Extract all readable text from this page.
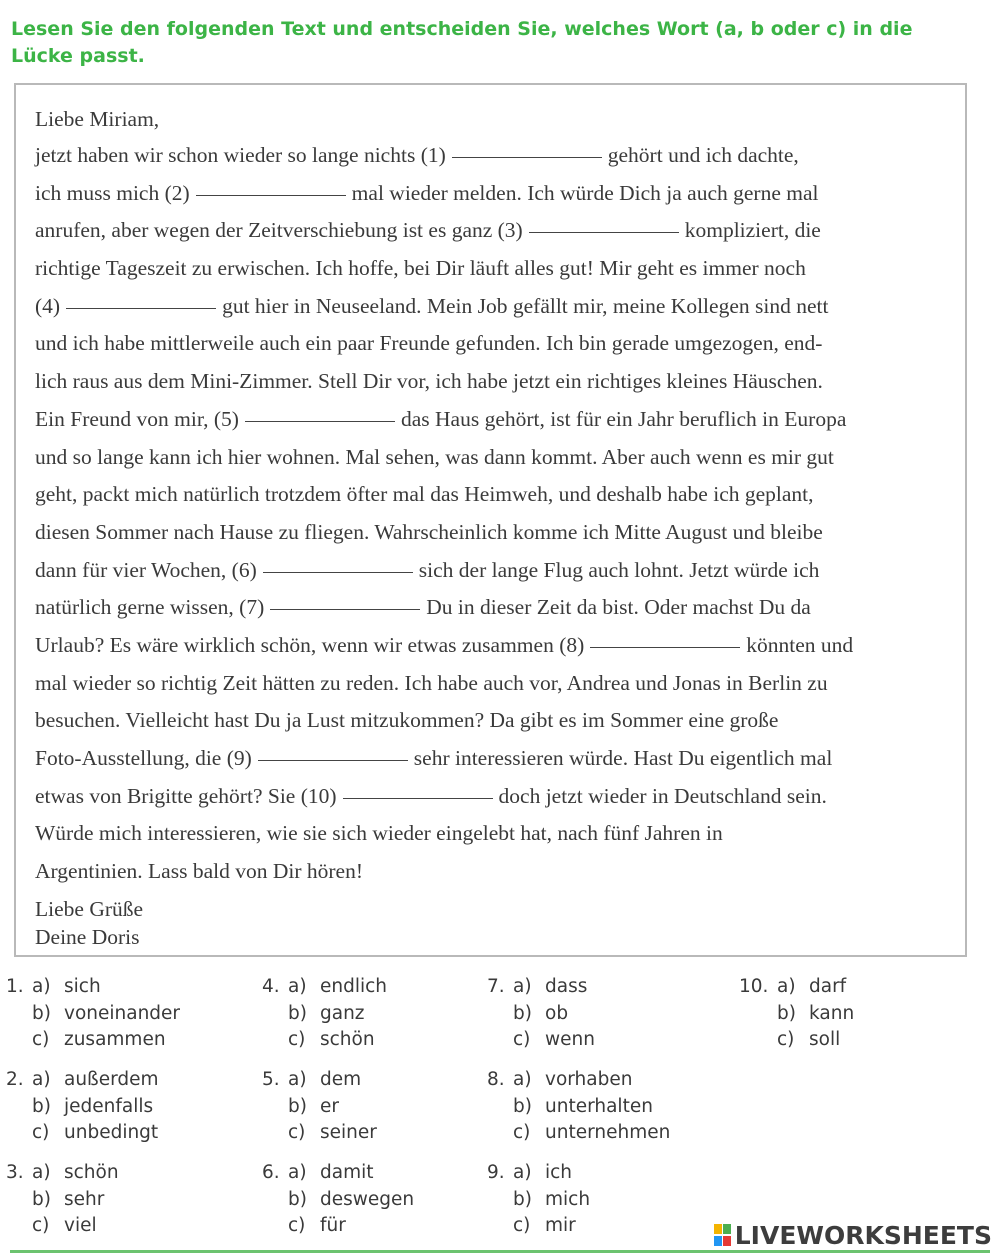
Lesen Sie den folgenden Text und entscheiden Sie, welches Wort (a, b oder c) in die Lücke passt.
Liebe Miriam,
jetzt haben wir schon wieder so lange nichts (1)	gehört und ich dachte,
ich muss mich (2)	mal wieder melden. Ich würde Dich ja auch gerne mal
anrufen, aber wegen der Zeitverschiebung ist es ganz (3)	kompliziert, die
richtige Tageszeit zu erwischen. Ich hoffe, bei Dir läuft alles gut! Mir geht es immer noch
(4)	gut hier in Neuseeland. Mein Job gefällt mir, meine Kollegen sind nett
und ich habe mittlerweile auch ein paar Freunde gefunden. Ich bin gerade umgezogen, end-
lich raus aus dem Mini-Zimmer. Stell Dir vor, ich habe jetzt ein richtiges kleines Häuschen.
Ein Freund von mir, (5)	das Haus gehört, ist für ein Jahr beruflich in Europa
und so lange kann ich hier wohnen. Mal sehen, was dann kommt. Aber auch wenn es mir gut
geht, packt mich natürlich trotzdem öfter mal das Heimweh, und deshalb habe ich geplant,
diesen Sommer nach Hause zu fliegen. Wahrscheinlich komme ich Mitte August und bleibe
dann für vier Wochen, (6)	sich der lange Flug auch lohnt. Jetzt würde ich
natürlich gerne wissen, (7)	Du in dieser Zeit da bist. Oder machst Du da
Urlaub? Es wäre wirklich schön, wenn wir etwas zusammen (8)	könnten und
mal wieder so richtig Zeit hätten zu reden. Ich habe auch vor, Andrea und Jonas in Berlin zu
besuchen. Vielleicht hast Du ja Lust mitzukommen? Da gibt es im Sommer eine große
Foto-Ausstellung, die (9)	sehr interessieren würde. Hast Du eigentlich mal
etwas von Brigitte gehört? Sie (10)	doch jetzt wieder in Deutschland sein.
Würde mich interessieren, wie sie sich wieder eingelebt hat, nach fünf Jahren in
Argentinien. Lass bald von Dir hören!
Liebe Grüße
Deine Doris
1. a) sich
b) voneinander
c) zusammen
2. a) außerdem
b) jedenfalls
c) unbedingt
3. a) schön
b) sehr
c) viel
4. a) endlich
b) ganz
c) schön
5. a) dem
b) er
c) seiner
6. a) damit
b) deswegen
c) für
7. a) dass
b) ob
c) wenn
8. a) vorhaben
b) unterhalten
c) unternehmen
9. a) ich
b) mich
c) mir
10. a) darf
b) kann
c) soll
LIVEWORKSHEETS
